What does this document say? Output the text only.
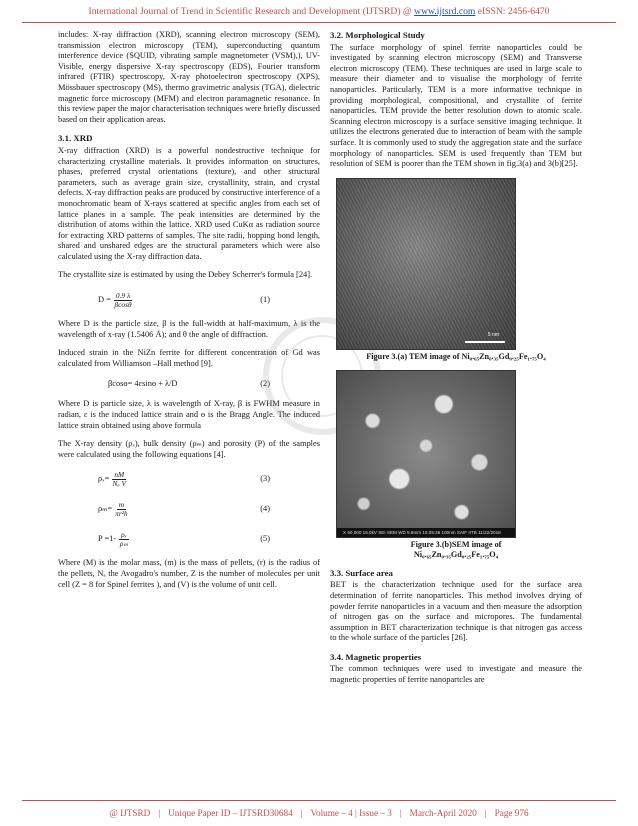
International Journal of Trend in Scientific Research and Development (IJTSRD) @ www.ijtsrd.com eISSN: 2456-6470

includes: X-ray diffraction (XRD), scanning electron microscopy (SEM), transmission electron microscopy (TEM), superconducting quantum interference device (SQUID, vibrating sample magnetometer (VSM),), UV- Visible, energy dispersive X-ray spectroscopy (EDS), Fourier transform infrared (FTIR) spectroscopy, X-ray photoelectron spectroscopy (XPS), Mössbauer spectroscopy (MS), thermo gravimetric analysis (TGA), dielectric magnetic force microscopy (MFM) and electron paramagnetic resonance. In this review paper the major characterisation techniques were briefly discussed based on their application areas.

3.1. XRD

X-ray diffraction (XRD) is a powerful nondestructive technique for characterizing crystalline materials. It provides information on structures, phases, preferred crystal orientations (texture), and other structural parameters, such as average grain size, crystallinity, strain, and crystal defects. X-ray diffraction peaks are produced by constructive interference of a monochromatic beam of X-rays scattered at specific angles from each set of lattice planes in a sample. The peak intensities are determined by the distribution of atoms within the lattice. XRD used CuKα as radiation source for extracting XRD patterns of samples. The site radii, hopping bond length, shared and unshared edges are the structural parameters which were also calculated using the X-ray diffraction data.

The crystallite size is estimated by using the Debey Scherrer's formula [24].

$D = \frac{0.9 \lambda}{\beta\cos\theta}$	(1)

Where D is the particle size, β is the full-width at half-maximum, λ is the wavelength of x-ray (1.5406 Å); and θ the angle of diffraction.

Induced strain in the NiZn ferrite for different concentration of Gd was calculated from Williamson –Hall method [9].

βcosɵ= 4εsinɵ + λ/D	(2)

Where D is particle size, λ is wavelength of X-ray, β is FWHM measure in radian, ε is the induced lattice strain and ɵ is the Bragg Angle. The induced lattice strain obtained using above formula

The X-ray density (ρₓ), bulk density (ρₘ) and porosity (P) of the samples were calculated using the following equations [4].

$\rho_x= \frac{nM}{\text{Nₐ V}}$	(3)
$\rho_m= \frac{m}{\text{πr²h}}$	(4)
$P =1- \frac{\text{ρₓ}}{\text{ρₘ}}$	(5)

Where (M) is the molar mass, (m) is the mass of pellets, (r) is the radius of the pellets, Nₐ the Avogadro's number, Z is the number of molecules per unit cell (Z = 8 for Spinel ferrites ), and (V) is the volume of unit cell.

3.2. Morphological Study

The surface morphology of spinel ferrite nanoparticles could be investigated by scanning electron microscopy (SEM) and Transverse electron microscopy (TEM). These techniques are used in large scale to measure their diameter and to visualise the morphology of ferrite nanoparticles. Particularly, TEM is a more informative technique in providing morphological, compositional, and crystallite of ferrite nanoparticles. TEM provide the better resolution down to atomic scale. Scanning electron microscopy is a surface sensitive imaging technique. It utilizes the electrons generated due to interaction of beam with the sample surface. It is commonly used to study the aggregation state and the surface morphology of nanoparticles. SEM is used frequently than TEM but resolution of SEM is poorer than the TEM shown in fig.3(a) and 3(b)[25].

5 nm
Figure 3.(a) TEM image of Ni₀.₆₅Zn₀.₃₅Gd₀.₂₅Fe₁.₇₅O₄
X 50,000 15.0kV SEI SEM WD 5.9mm 15:05:36 100nm SAIF IITB 11/22/2018
Figure 3.(b)SEM image of
Ni₀.₆₅Zn₀.₃₅Gd₀.₂₅Fe₁.₇₅O₄
3.3. Surface area

BET is the characterization technique used for the surface area determination of ferrite nanoparticles. This method involves drying of powder ferrite nanoparticles in a vacuum and then measure the adsorption of nitrogen gas on the surface and micropores. The fundamental assumption in BET characterization technique is that nitrogen gas access to the whole surface of the particles [26].

3.4. Magnetic properties

The common techniques were used to investigate and measure the magnetic properties of ferrite nanopartcles are

@ IJTSRD | Unique Paper ID – IJTSRD30684 | Volume – 4 | Issue – 3 | March-April 2020 | Page 976
